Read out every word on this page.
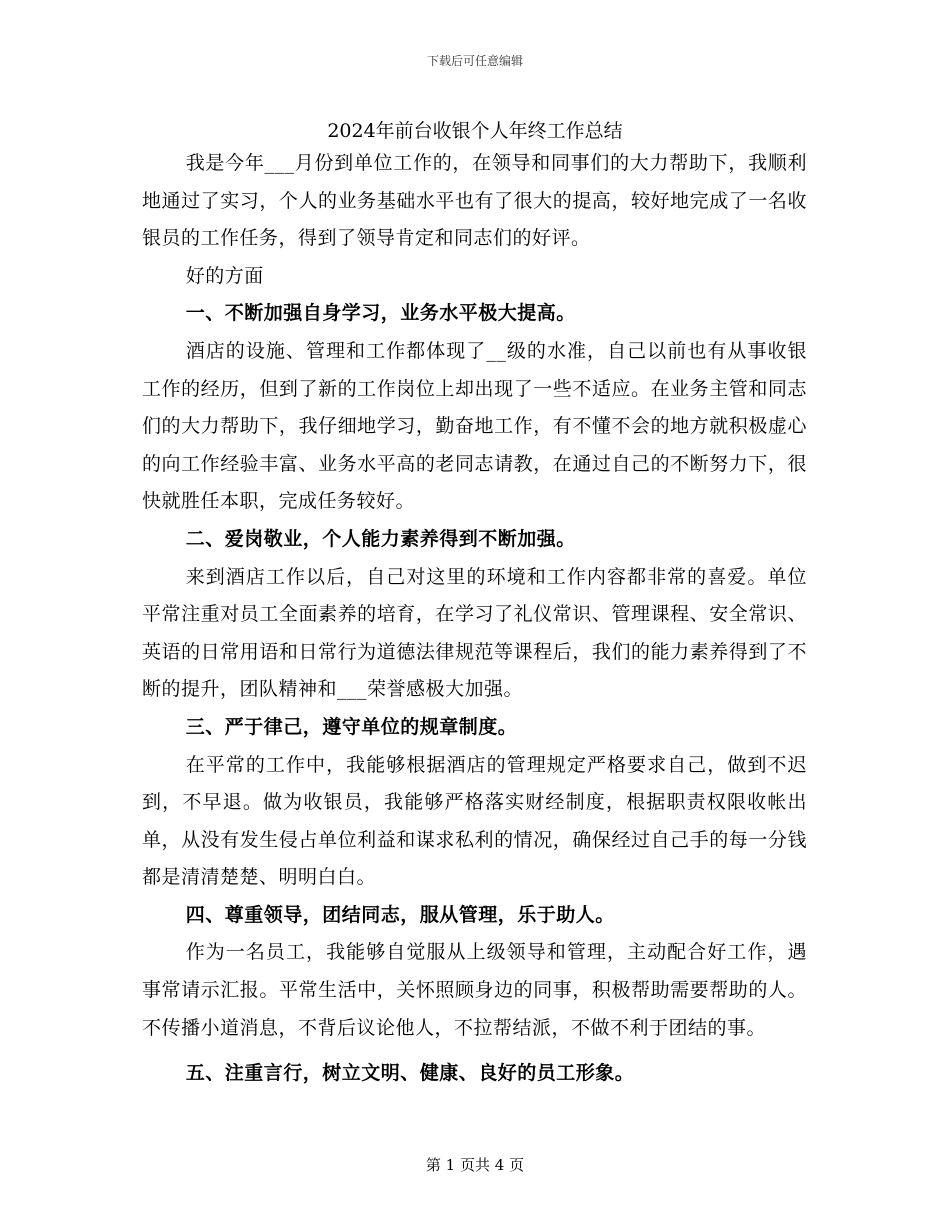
下载后可任意编辑
2024年前台收银个人年终工作总结

我是今年___月份到单位工作的，在领导和同事们的大力帮助下，我顺利地通过了实习，个人的业务基础水平也有了很大的提高，较好地完成了一名收银员的工作任务，得到了领导肯定和同志们的好评。

好的方面

一、不断加强自身学习，业务水平极大提高。

酒店的设施、管理和工作都体现了__级的水准，自己以前也有从事收银工作的经历，但到了新的工作岗位上却出现了一些不适应。在业务主管和同志们的大力帮助下，我仔细地学习，勤奋地工作，有不懂不会的地方就积极虚心的向工作经验丰富、业务水平高的老同志请教，在通过自己的不断努力下，很快就胜任本职，完成任务较好。

二、爱岗敬业，个人能力素养得到不断加强。

来到酒店工作以后，自己对这里的环境和工作内容都非常的喜爱。单位平常注重对员工全面素养的培育，在学习了礼仪常识、管理课程、安全常识、英语的日常用语和日常行为道德法律规范等课程后，我们的能力素养得到了不断的提升，团队精神和___荣誉感极大加强。

三、严于律己，遵守单位的规章制度。

在平常的工作中，我能够根据酒店的管理规定严格要求自己，做到不迟到，不早退。做为收银员，我能够严格落实财经制度，根据职责权限收帐出单，从没有发生侵占单位利益和谋求私利的情况，确保经过自己手的每一分钱都是清清楚楚、明明白白。

四、尊重领导，团结同志，服从管理，乐于助人。

作为一名员工，我能够自觉服从上级领导和管理，主动配合好工作，遇事常请示汇报。平常生活中，关怀照顾身边的同事，积极帮助需要帮助的人。不传播小道消息，不背后议论他人，不拉帮结派，不做不利于团结的事。

五、注重言行，树立文明、健康、良好的员工形象。

第 1 页共 4 页
